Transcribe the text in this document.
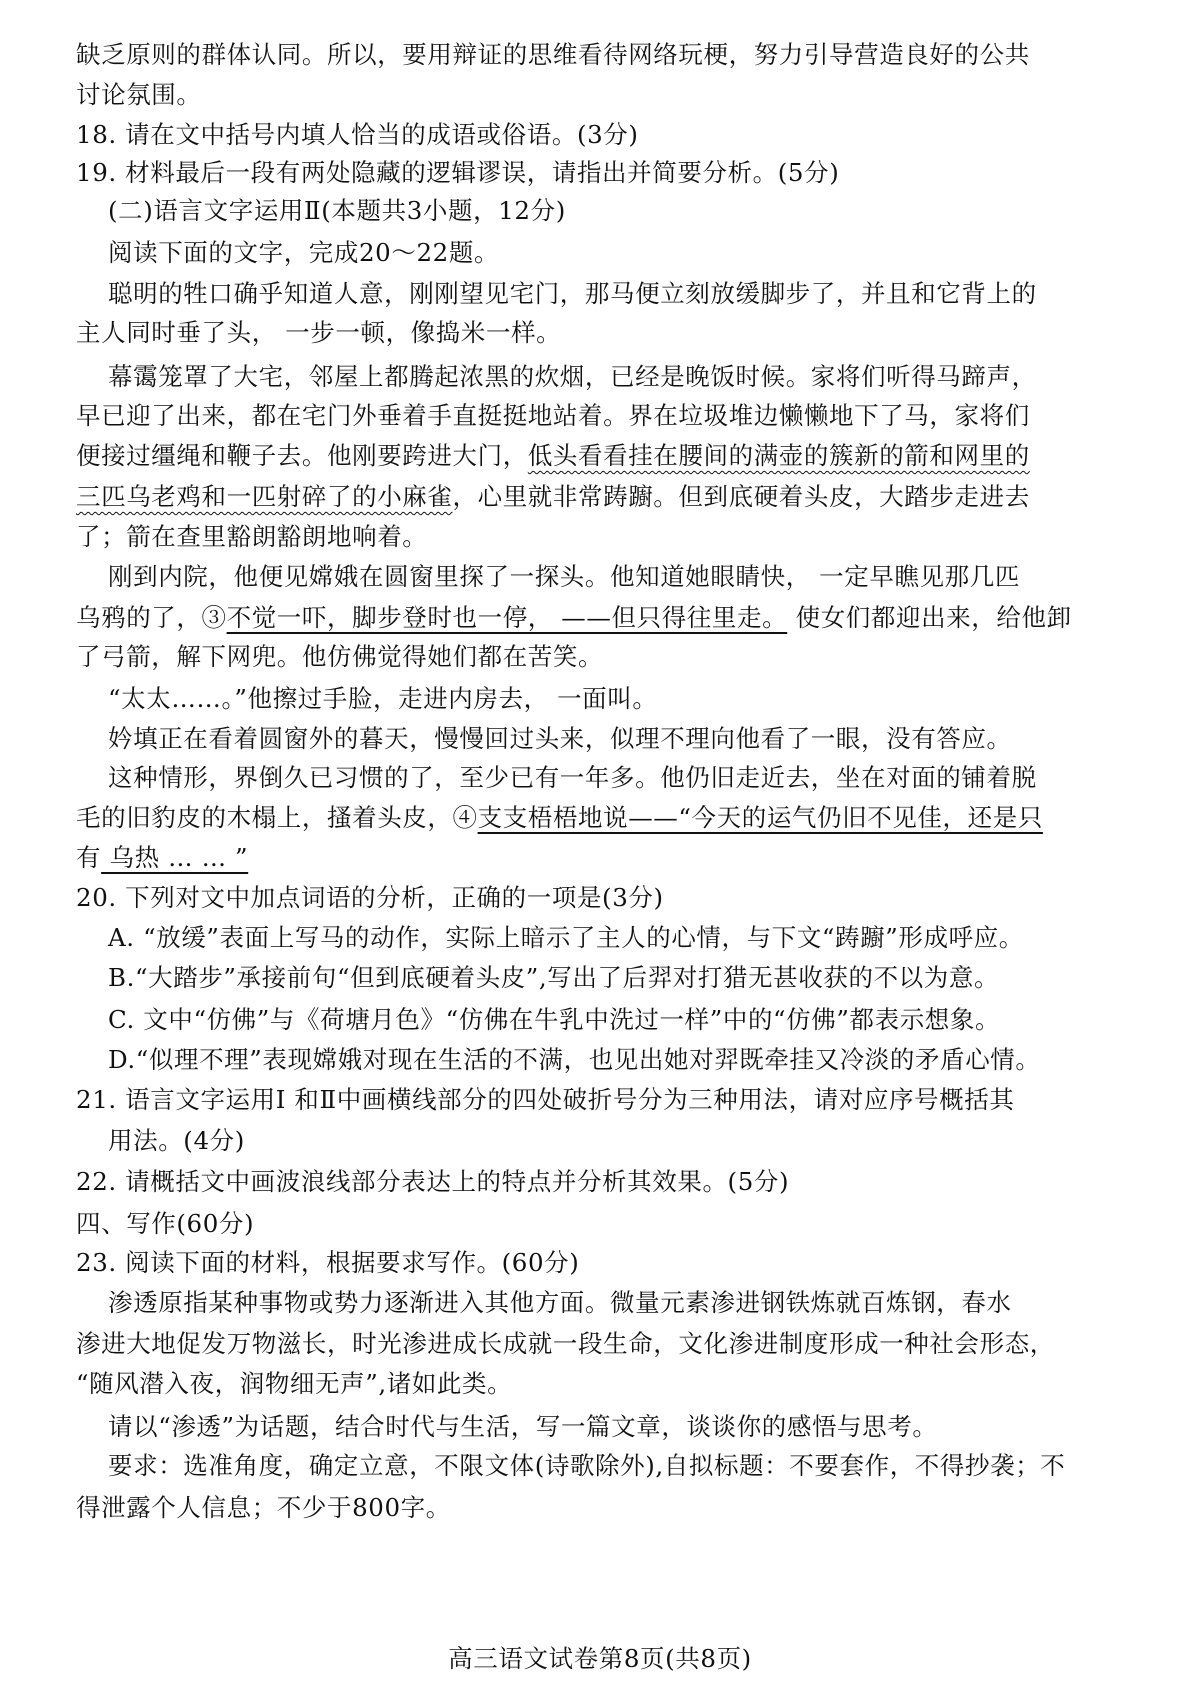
缺乏原则的群体认同。所以，要用辩证的思维看待网络玩梗，努力引导营造良好的公共
讨论氛围。
18. 请在文中括号内填人恰当的成语或俗语。(3分)
19. 材料最后一段有两处隐藏的逻辑谬误，请指出并简要分析。(5分)
(二)语言文字运用Ⅱ(本题共3小题，12分)
阅读下面的文字，完成20～22题。
聪明的牲口确乎知道人意，刚刚望见宅门，那马便立刻放缓脚步了，并且和它背上的
主人同时垂了头， 一步一顿，像捣米一样。
幕霭笼罩了大宅，邻屋上都腾起浓黑的炊烟，已经是晚饭时候。家将们听得马蹄声，
早已迎了出来，都在宅门外垂着手直挺挺地站着。界在垃圾堆边懒懒地下了马，家将们
便接过缰绳和鞭子去。他刚要跨进大门，低头看看挂在腰间的满壶的簇新的箭和网里的
三匹乌老鸡和一匹射碎了的小麻雀，心里就非常踌躕。但到底硬着头皮，大踏步走进去
了；箭在查里豁朗豁朗地响着。
刚到内院，他便见嫦娥在圆窗里探了一探头。他知道她眼睛快， 一定早瞧见那几匹
乌鸦的了，③不觉一吓，脚步登时也一停， ——但只得往里走。 使女们都迎出来，给他卸
了弓箭，解下网兜。他仿佛觉得她们都在苦笑。
“太太……。”他擦过手脸，走进内房去， 一面叫。
妗填正在看着圆窗外的暮天，慢慢回过头来，似理不理向他看了一眼，没有答应。
这种情形，界倒久已习惯的了，至少已有一年多。他仍旧走近去，坐在对面的铺着脱
毛的旧豹皮的木榻上，搔着头皮，④支支梧梧地说——“今天的运气仍旧不见佳，还是只
有 乌热 … … ”
20. 下列对文中加点词语的分析，正确的一项是(3分)
A. “放缓”表面上写马的动作，实际上暗示了主人的心情，与下文“踌躕”形成呼应。
B.“大踏步”承接前句“但到底硬着头皮”,写出了后羿对打猎无甚收获的不以为意。
C. 文中“仿佛”与《荷塘月色》“仿佛在牛乳中洗过一样”中的“仿佛”都表示想象。
D.“似理不理”表现嫦娥对现在生活的不满，也见出她对羿既牵挂又冷淡的矛盾心情。
21. 语言文字运用Ⅰ 和Ⅱ中画横线部分的四处破折号分为三种用法，请对应序号概括其
用法。(4分)
22. 请概括文中画波浪线部分表达上的特点并分析其效果。(5分)
四、写作(60分)
23. 阅读下面的材料，根据要求写作。(60分)
渗透原指某种事物或势力逐渐进入其他方面。微量元素渗进钢铁炼就百炼钢，春水
渗进大地促发万物滋长，时光渗进成长成就一段生命，文化渗进制度形成一种社会形态，
“随风潜入夜，润物细无声”,诸如此类。
请以“渗透”为话题，结合时代与生活，写一篇文章，谈谈你的感悟与思考。
要求：选准角度，确定立意，不限文体(诗歌除外),自拟标题：不要套作，不得抄袭；不
得泄露个人信息；不少于800字。
高三语文试卷第8页(共8页)
